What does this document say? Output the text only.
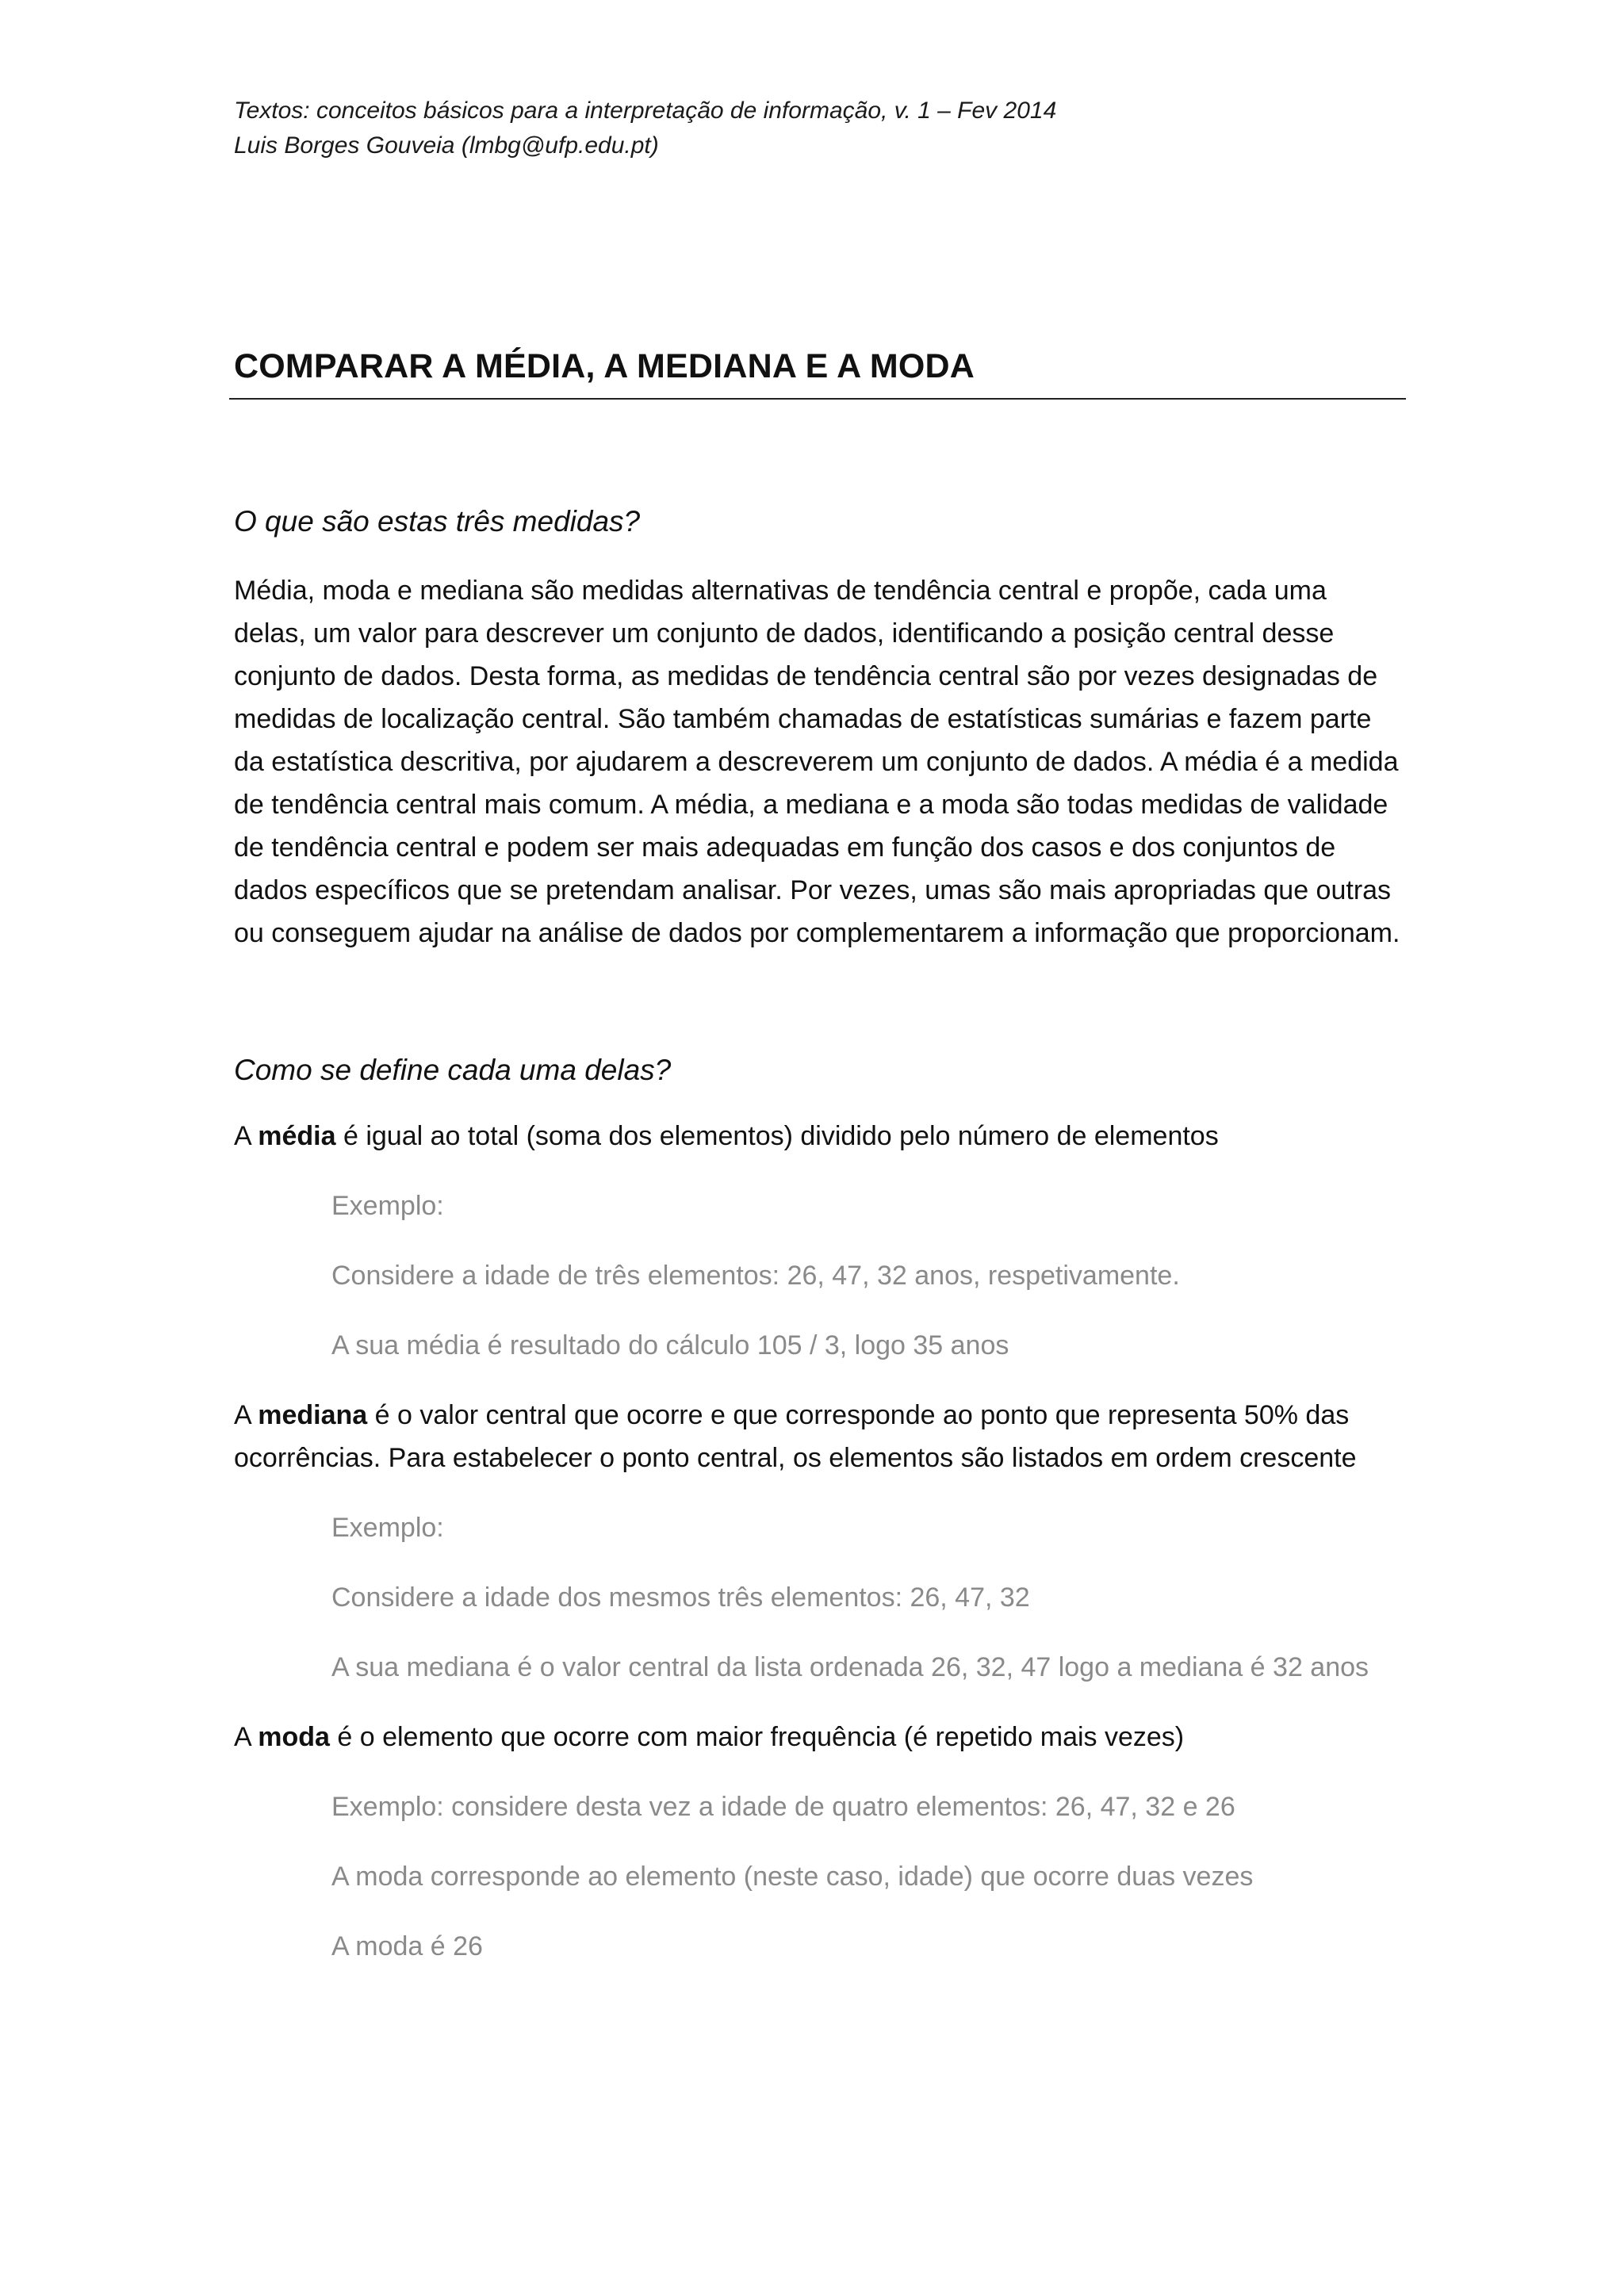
Textos: conceitos básicos para a interpretação de informação, v. 1 – Fev 2014

Luis Borges Gouveia (lmbg@ufp.edu.pt)

COMPARAR A MÉDIA, A MEDIANA E A MODA

O que são estas três medidas?

Média, moda e mediana são medidas alternativas de tendência central e propõe, cada uma delas, um valor para descrever um conjunto de dados, identificando a posição central desse conjunto de dados. Desta forma, as medidas de tendência central são por vezes designadas de medidas de localização central. São também chamadas de estatísticas sumárias e fazem parte da estatística descritiva, por ajudarem a descreverem um conjunto de dados. A média é a medida de tendência central mais comum. A média, a mediana e a moda são todas medidas de validade de tendência central e podem ser mais adequadas em função dos casos e dos conjuntos de dados específicos que se pretendam analisar. Por vezes, umas são mais apropriadas que outras ou conseguem ajudar na análise de dados por complementarem a informação que proporcionam.

Como se define cada uma delas?

A média é igual ao total (soma dos elementos) dividido pelo número de elementos

Exemplo:

Considere a idade de três elementos: 26, 47, 32 anos, respetivamente.

A sua média é resultado do cálculo 105 / 3, logo 35 anos

A mediana é o valor central que ocorre e que corresponde ao ponto que representa 50% das ocorrências. Para estabelecer o ponto central, os elementos são listados em ordem crescente

Exemplo:

Considere a idade dos mesmos três elementos: 26, 47, 32

A sua mediana é o valor central da lista ordenada 26, 32, 47 logo a mediana é 32 anos

A moda é o elemento que ocorre com maior frequência (é repetido mais vezes)

Exemplo: considere desta vez a idade de quatro elementos: 26, 47, 32 e 26

A moda corresponde ao elemento (neste caso, idade) que ocorre duas vezes

A moda é 26
